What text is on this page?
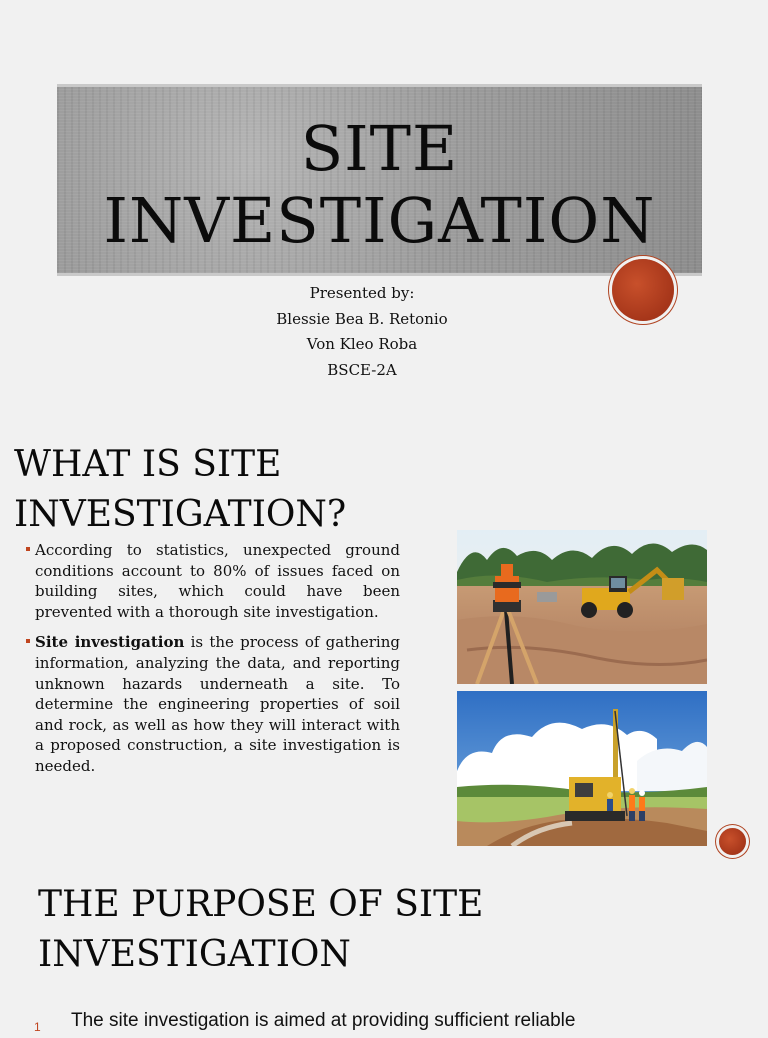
SITE
INVESTIGATION
Presented by:
Blessie Bea B. Retonio
Von Kleo Roba
BSCE-2A
WHAT IS SITE
INVESTIGATION?
According to statistics, unexpected ground conditions account to 80% of issues faced on building sites, which could have been prevented with a thorough site investigation.
Site investigation is the process of gathering information, analyzing the data, and reporting unknown hazards underneath a site. To determine the engineering properties of soil and rock, as well as how they will interact with a proposed construction, a site investigation is needed.
THE PURPOSE OF SITE
INVESTIGATION
1 The site investigation is aimed at providing sufficient reliable
